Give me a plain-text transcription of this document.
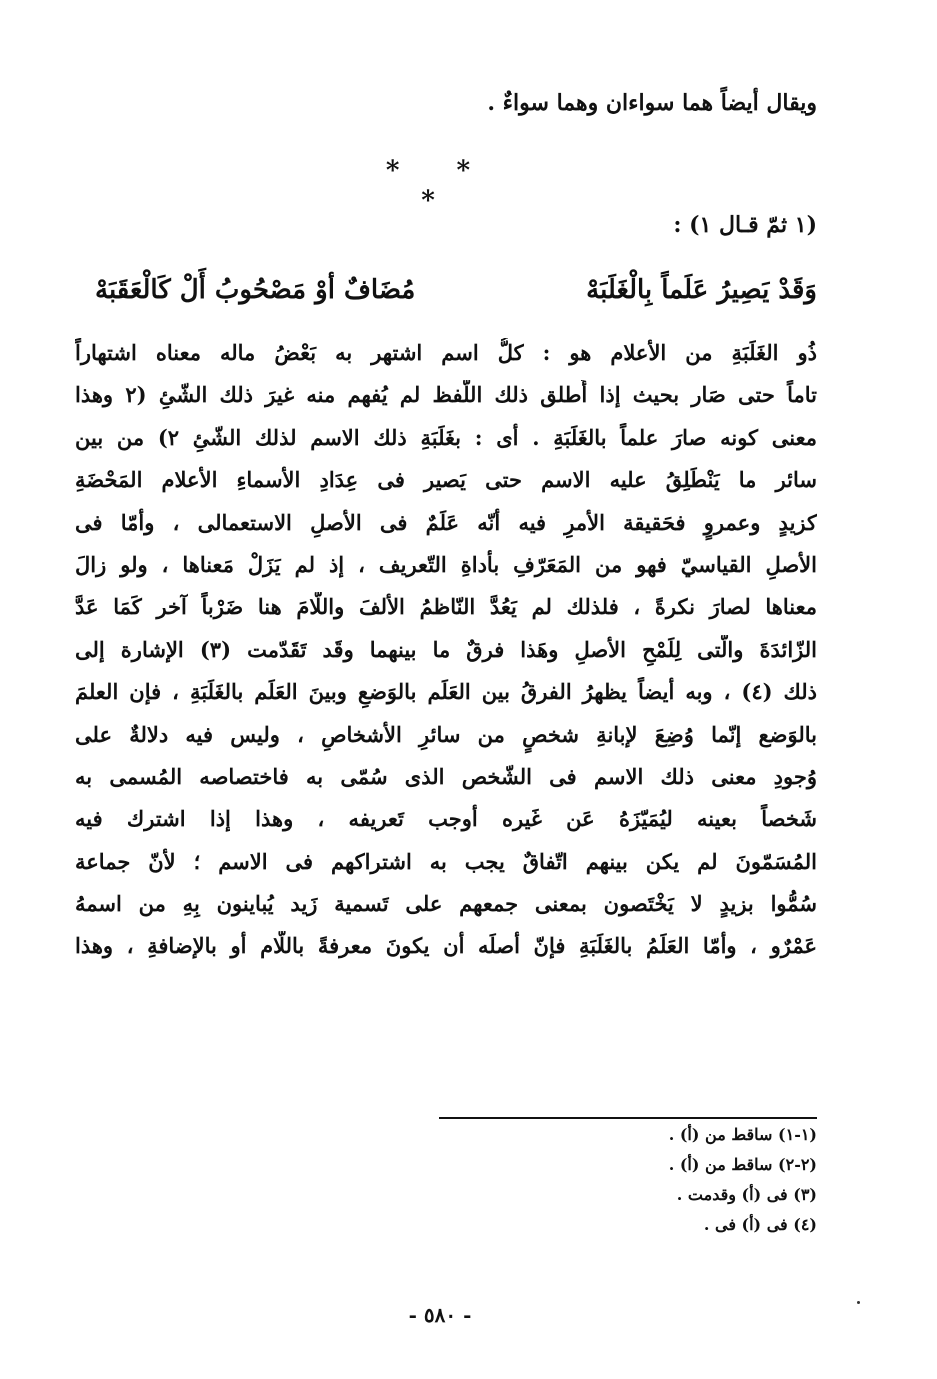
ويقال أيضاً هما سواءان وهما سواءٌ .
* * *
(١ ثمّ قـال ١) :
وَقَدْ يَصِيرُ عَلَماً بِالْغَلَبَهْ
مُضَافٌ أوْ مَصْحُوبُ أَلْ كَالْعَقَبَهْ
ذُو الغَلَبَةِ من الأعلام هو : كلُّ اسم اشتهر به بَعْضُ ماله معناه اشتهاراً
تاماً حتى صَار بحيث إذا أُطلق ذلك اللّفظ لم يُفهم منه غيرَ ذلك الشّئِ (٢ وهذا
معنى كونه صارَ علماً بالغَلَبَةِ . أى : بغَلَبَةِ ذلك الاسم لذلك الشّئِ ٢) من بين
سائر ما يَنْطَلِقُ عليه الاسم حتى يَصير فى عِدَادِ الأسماءِ الأعلام المَحْضَةِ
كزيدٍ وعمروٍ فحَقيقة الأمرِ فيه أنّه عَلَمٌ فى الأصلِ الاستعمالى ، وأمّا فى
الأصلِ القياسيّ فهو من المَعَرّفِ بأداةِ التّعريف ، إذ لم يَزَلْ مَعناها ، ولو زالَ
معناها لصارَ نكرةً ، فلذلك لم يَعُدَّ النّاظمُ الألفَ واللّامَ هنا ضَرْباً آخر كَمَا عَدَّ
الزّائدَةَ والّتى لِلَمْحِ الأصلِ وهَذا فرقٌ ما بينهما وقَد تَقَدّمت (٣) الإشارة إلى
ذلك (٤) ، وبه أيضاً يظهرُ الفرقُ بين العَلَم بالوَضعِ وبينَ العَلَم بالغَلَبَةِ ، فإن العلمَ
بالوَضع إنّما وُضِعَ لإبانةِ شخصٍ من سائرِ الأشخاصِ ، وليس فيه دلالةٌ على
وُجودِ معنى ذلك الاسم فى الشّخص الذى سُمّى به فاختصاصه المُسمى به
شَخصاً بعينه ليُمَيّزَهُ عَن غَيره أوجب تَعريفه ، وهذا إذا اشترك فيه
المُسَمّونَ لم يكن بينهم اتّفاقٌ يجب به اشتراكهم فى الاسم ؛ لأنّ جماعة
سُمُّوا بزيدٍ لا يَخْتَصون بمعنى جمعهم على تَسمية زَيد يُباينون بِهِ من اسمهُ
عَمْرٌو ، وأمّا العَلَمُ بالغَلَبَةِ فإنّ أصلَه أن يكونَ معرفةً باللّام أو بالإضافةِ ، وهذا
(١-١) ساقط من (أ) .
(٢-٢) ساقط من (أ) .
(٣) فى (أ) وقدمت .
(٤) فى (أ) فى .
- ٥٨٠ -
